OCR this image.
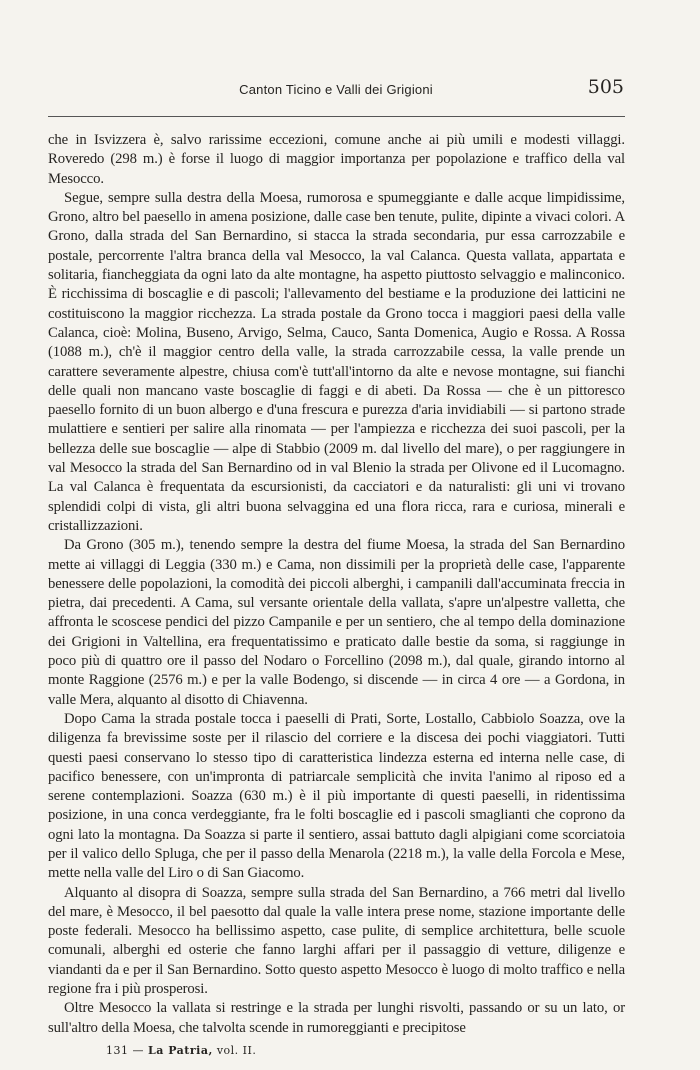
Canton Ticino e Valli dei Grigioni	505

che in Isvizzera è, salvo rarissime eccezioni, comune anche ai più umili e modesti villaggi. Roveredo (298 m.) è forse il luogo di maggior importanza per popolazione e traffico della val Mesocco.

Segue, sempre sulla destra della Moesa, rumorosa e spumeggiante e dalle acque limpidissime, Grono, altro bel paesello in amena posizione, dalle case ben tenute, pulite, dipinte a vivaci colori. A Grono, dalla strada del San Bernardino, si stacca la strada secondaria, pur essa carrozzabile e postale, percorrente l'altra branca della val Mesocco, la val Calanca. Questa vallata, appartata e solitaria, fiancheggiata da ogni lato da alte montagne, ha aspetto piuttosto selvaggio e malinconico. È ricchissima di boscaglie e di pascoli; l'allevamento del bestiame e la produzione dei latticini ne costituiscono la maggior ricchezza. La strada postale da Grono tocca i maggiori paesi della valle Calanca, cioè: Molina, Buseno, Arvigo, Selma, Cauco, Santa Domenica, Augio e Rossa. A Rossa (1088 m.), ch'è il maggior centro della valle, la strada carrozzabile cessa, la valle prende un carattere severamente alpestre, chiusa com'è tutt'all'intorno da alte e nevose montagne, sui fianchi delle quali non mancano vaste boscaglie di faggi e di abeti. Da Rossa — che è un pittoresco paesello fornito di un buon albergo e d'una frescura e purezza d'aria invidiabili — si partono strade mulattiere e sentieri per salire alla rinomata — per l'ampiezza e ricchezza dei suoi pascoli, per la bellezza delle sue boscaglie — alpe di Stabbio (2009 m. dal livello del mare), o per raggiungere in val Mesocco la strada del San Bernardino od in val Blenio la strada per Olivone ed il Lucomagno. La val Calanca è frequentata da escursionisti, da cacciatori e da naturalisti: gli uni vi trovano splendidi colpi di vista, gli altri buona selvaggina ed una flora ricca, rara e curiosa, minerali e cristallizzazioni.

Da Grono (305 m.), tenendo sempre la destra del fiume Moesa, la strada del San Bernardino mette ai villaggi di Leggia (330 m.) e Cama, non dissimili per la proprietà delle case, l'apparente benessere delle popolazioni, la comodità dei piccoli alberghi, i campanili dall'accuminata freccia in pietra, dai precedenti. A Cama, sul versante orientale della vallata, s'apre un'alpestre valletta, che affronta le scoscese pendici del pizzo Campanile e per un sentiero, che al tempo della dominazione dei Grigioni in Valtellina, era frequentatissimo e praticato dalle bestie da soma, si raggiunge in poco più di quattro ore il passo del Nodaro o Forcellino (2098 m.), dal quale, girando intorno al monte Raggione (2576 m.) e per la valle Bodengo, si discende — in circa 4 ore — a Gordona, in valle Mera, alquanto al disotto di Chiavenna.

Dopo Cama la strada postale tocca i paeselli di Prati, Sorte, Lostallo, Cabbiolo Soazza, ove la diligenza fa brevissime soste per il rilascio del corriere e la discesa dei pochi viaggiatori. Tutti questi paesi conservano lo stesso tipo di caratteristica lindezza esterna ed interna nelle case, di pacifico benessere, con un'impronta di patriarcale semplicità che invita l'animo al riposo ed a serene contemplazioni. Soazza (630 m.) è il più importante di questi paeselli, in ridentissima posizione, in una conca verdeggiante, fra le folti boscaglie ed i pascoli smaglianti che coprono da ogni lato la montagna. Da Soazza si parte il sentiero, assai battuto dagli alpigiani come scorciatoia per il valico dello Spluga, che per il passo della Menarola (2218 m.), la valle della Forcola e Mese, mette nella valle del Liro o di San Giacomo.

Alquanto al disopra di Soazza, sempre sulla strada del San Bernardino, a 766 metri dal livello del mare, è Mesocco, il bel paesotto dal quale la valle intera prese nome, stazione importante delle poste federali. Mesocco ha bellissimo aspetto, case pulite, di semplice architettura, belle scuole comunali, alberghi ed osterie che fanno larghi affari per il passaggio di vetture, diligenze e viandanti da e per il San Bernardino. Sotto questo aspetto Mesocco è luogo di molto traffico e nella regione fra i più prosperosi.

Oltre Mesocco la vallata si restringe e la strada per lunghi risvolti, passando or su un lato, or sull'altro della Moesa, che talvolta scende in rumoreggianti e precipitose

131 — La Patria, vol. II.
